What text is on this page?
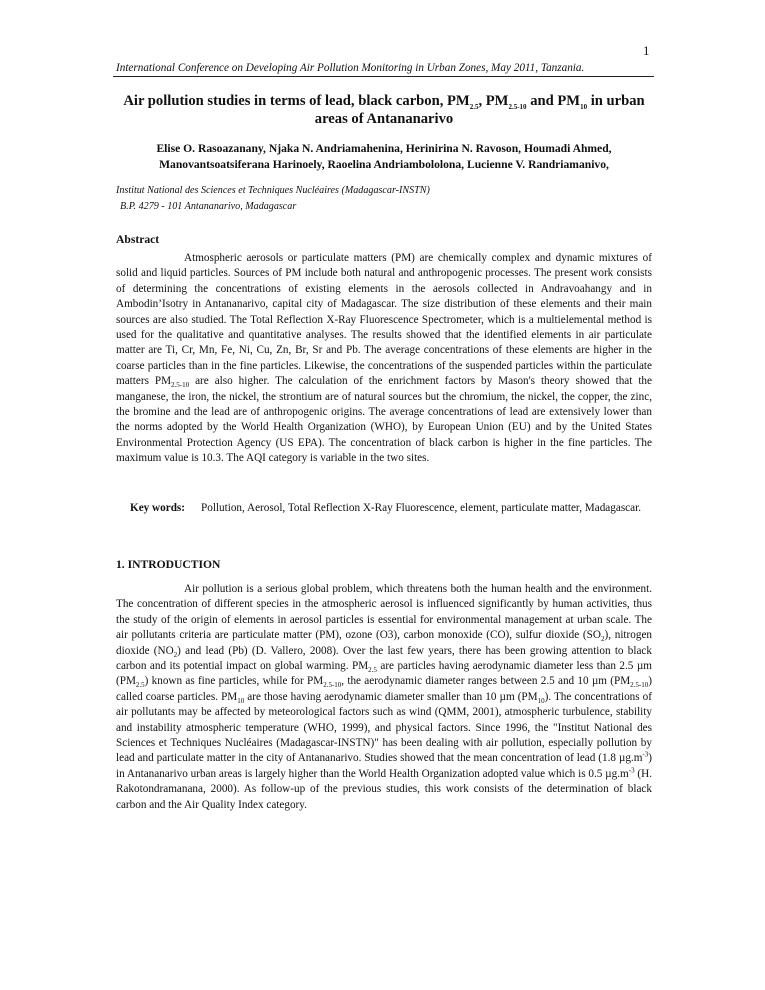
1
International Conference on Developing Air Pollution Monitoring in Urban Zones, May 2011, Tanzania.
Air pollution studies in terms of lead, black carbon, $PM_{2.5}$, $PM_{2.5-10}$ and $PM_{10}$ in urban areas of Antananarivo
Elise O. Rasoazanany, Njaka N. Andriamahenina, Herinirina N. Ravoson, Houmadi Ahmed,
Manovantsoatsiferana Harinoely, Raoelina Andriambololona, Lucienne V. Randriamanivo,
Institut National des Sciences et Techniques Nucléaires (Madagascar-INSTN)
B.P. 4279 - 101 Antananarivo, Madagascar
Abstract
Atmospheric aerosols or particulate matters (PM) are chemically complex and dynamic mixtures of solid and liquid particles. Sources of PM include both natural and anthropogenic processes. The present work consists of determining the concentrations of existing elements in the aerosols collected in Andravoahangy and in Ambodin’Isotry in Antananarivo, capital city of Madagascar. The size distribution of these elements and their main sources are also studied. The Total Reflection X-Ray Fluorescence Spectrometer, which is a multielemental method is used for the qualitative and quantitative analyses. The results showed that the identified elements in air particulate matter are Ti, Cr, Mn, Fe, Ni, Cu, Zn, Br, Sr and Pb. The average concentrations of these elements are higher in the coarse particles than in the fine particles. Likewise, the concentrations of the suspended particles within the particulate matters $PM_{2.5-10}$ are also higher. The calculation of the enrichment factors by Mason's theory showed that the manganese, the iron, the nickel, the strontium are of natural sources but the chromium, the nickel, the copper, the zinc, the bromine and the lead are of anthropogenic origins. The average concentrations of lead are extensively lower than the norms adopted by the World Health Organization (WHO), by European Union (EU) and by the United States Environmental Protection Agency (US EPA). The concentration of black carbon is higher in the fine particles. The maximum value is 10.3. The AQI category is variable in the two sites.
Key words:	Pollution, Aerosol, Total Reflection X-Ray Fluorescence, element, particulate matter, Madagascar.
1. INTRODUCTION
Air pollution is a serious global problem, which threatens both the human health and the environment. The concentration of different species in the atmospheric aerosol is influenced significantly by human activities, thus the study of the origin of elements in aerosol particles is essential for environmental management at urban scale. The air pollutants criteria are particulate matter (PM), ozone (O3), carbon monoxide (CO), sulfur dioxide $(SO_2)$, nitrogen dioxide $(NO_2)$ and lead (Pb) (D. Vallero, 2008). Over the last few years, there has been growing attention to black carbon and its potential impact on global warming. $PM_{2.5}$ are particles having aerodynamic diameter less than 2.5 µm $(PM_{2.5})$ known as fine particles, while for $PM_{2.5-10}$, the aerodynamic diameter ranges between 2.5 and 10 µm $(PM_{2.5-10})$ called coarse particles. $PM_{10}$ are those having aerodynamic diameter smaller than 10 µm $(PM_{10})$. The concentrations of air pollutants may be affected by meteorological factors such as wind (QMM, 2001), atmospheric turbulence, stability and instability atmospheric temperature (WHO, 1999), and physical factors. Since 1996, the "Institut National des Sciences et Techniques Nucléaires (Madagascar-INSTN)" has been dealing with air pollution, especially pollution by lead and particulate matter in the city of Antananarivo. Studies showed that the mean concentration of lead (1.8 $\mu g.m^{-3}$) in Antananarivo urban areas is largely higher than the World Health Organization adopted value which is 0.5 $\mu g.m^{-3}$ (H. Rakotondramanana, 2000). As follow-up of the previous studies, this work consists of the determination of black carbon and the Air Quality Index category.
